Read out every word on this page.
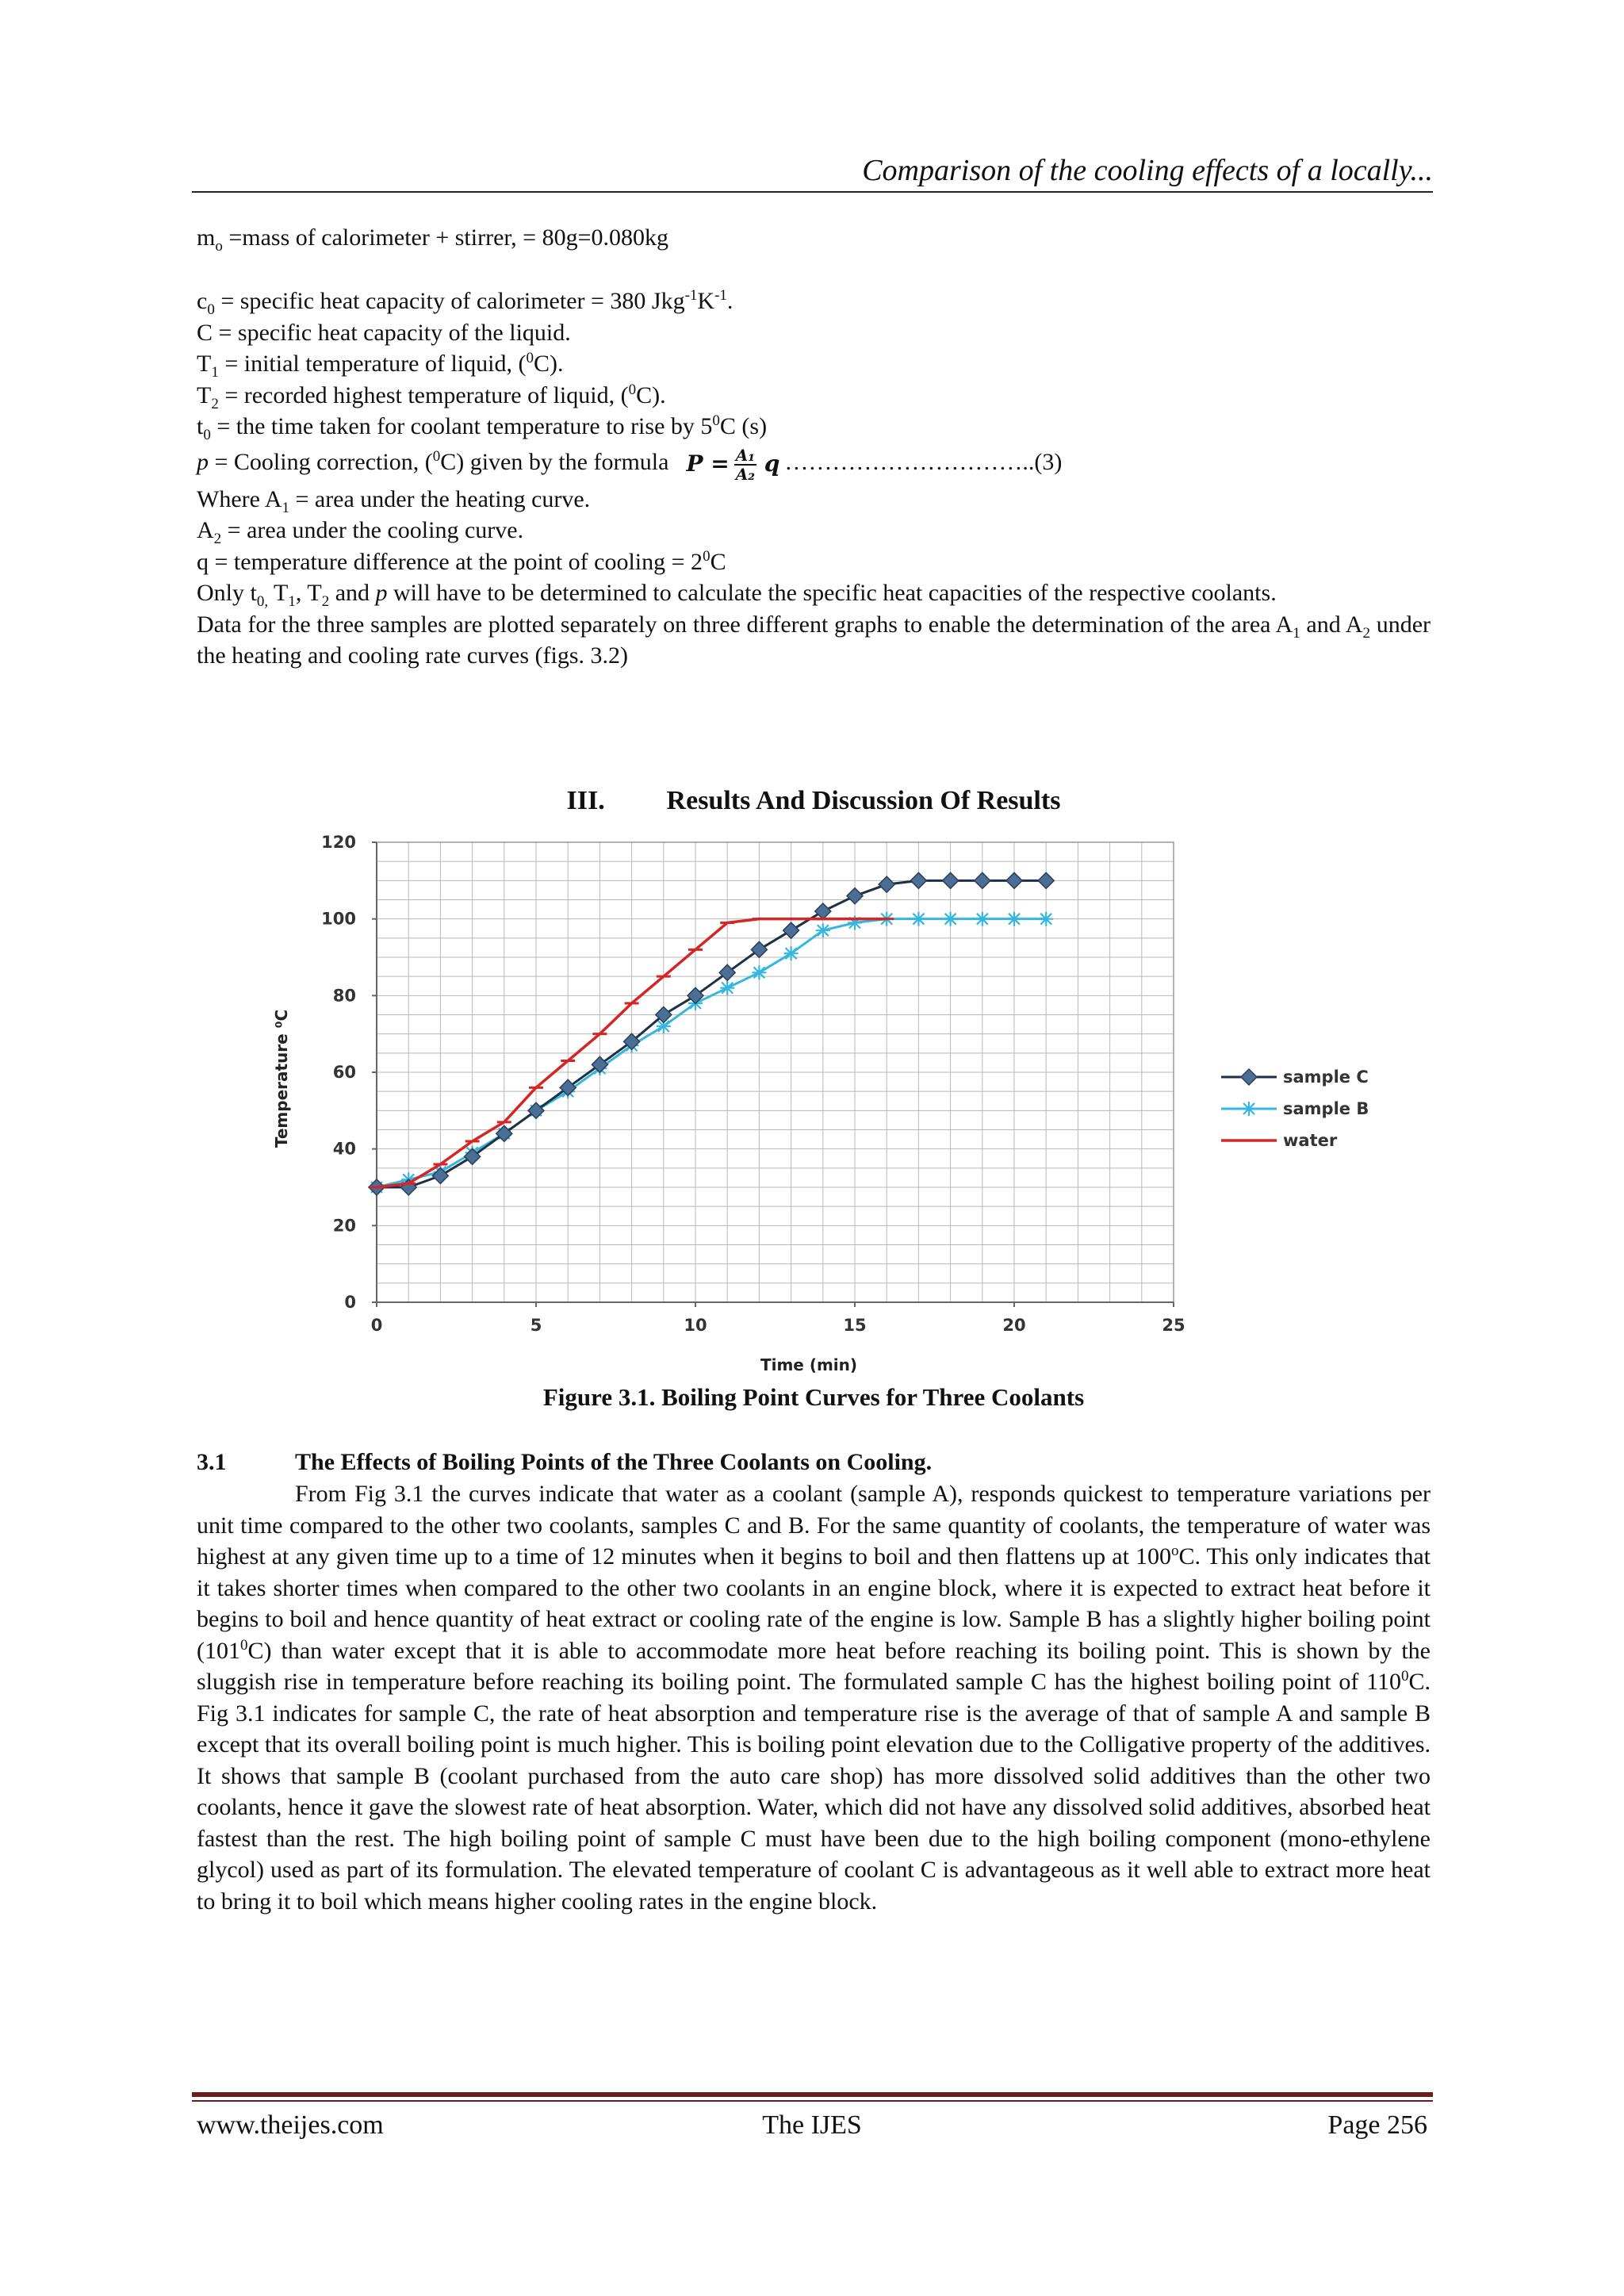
Comparison of the cooling effects of a locally...

$m_o$ =mass of calorimeter + stirrer, = 80g=0.080kg

$c_0$ = specific heat capacity of calorimeter = 380 $Jkg^{-1}K^{-1}$.

C = specific heat capacity of the liquid.

$T_1$ = initial temperature of liquid, ($^0$C).

$T_2$ = recorded highest temperature of liquid, ($^0$C).

$t_0$ = the time taken for coolant temperature to rise by $5^0C$ (s)

p = Cooling correction, ($^0$C) given by the formula $P = \frac{\text{A₁}}{\text{A₂}}$ q …………………………..(3)

Where $A_1$ = area under the heating curve.

$A_2$ = area under the cooling curve.

q = temperature difference at the point of cooling = $2^0C$

Only $t_{0,}$ $T_1$, $T_2$ and p will have to be determined to calculate the specific heat capacities of the respective coolants.

Data for the three samples are plotted separately on three different graphs to enable the determination of the area $A_1$ and $A_2$ under the heating and cooling rate curves (figs. 3.2)

III. Results And Discussion Of Results
0	5	10	15	20	25
0
20
40
60
80
100
120
sample C
sample B
water
Time (min)
Temperature ⁰C
Figure 3.1. Boiling Point Curves for Three Coolants
3.1	The Effects of Boiling Points of the Three Coolants on Cooling.

From Fig 3.1 the curves indicate that water as a coolant (sample A), responds quickest to temperature variations per unit time compared to the other two coolants, samples C and B. For the same quantity of coolants, the temperature of water was highest at any given time up to a time of 12 minutes when it begins to boil and then flattens up at 100$^o$C. This only indicates that it takes shorter times when compared to the other two coolants in an engine block, where it is expected to extract heat before it begins to boil and hence quantity of heat extract or cooling rate of the engine is low. Sample B has a slightly higher boiling point $(101^0C)$ than water except that it is able to accommodate more heat before reaching its boiling point. This is shown by the sluggish rise in temperature before reaching its boiling point. The formulated sample C has the highest boiling point of $110^0C$. Fig 3.1 indicates for sample C, the rate of heat absorption and temperature rise is the average of that of sample A and sample B except that its overall boiling point is much higher. This is boiling point elevation due to the Colligative property of the additives. It shows that sample B (coolant purchased from the auto care shop) has more dissolved solid additives than the other two coolants, hence it gave the slowest rate of heat absorption. Water, which did not have any dissolved solid additives, absorbed heat fastest than the rest. The high boiling point of sample C must have been due to the high boiling component (mono-ethylene glycol) used as part of its formulation. The elevated temperature of coolant C is advantageous as it well able to extract more heat to bring it to boil which means higher cooling rates in the engine block.

www.theijes.com	The IJES	Page 256
